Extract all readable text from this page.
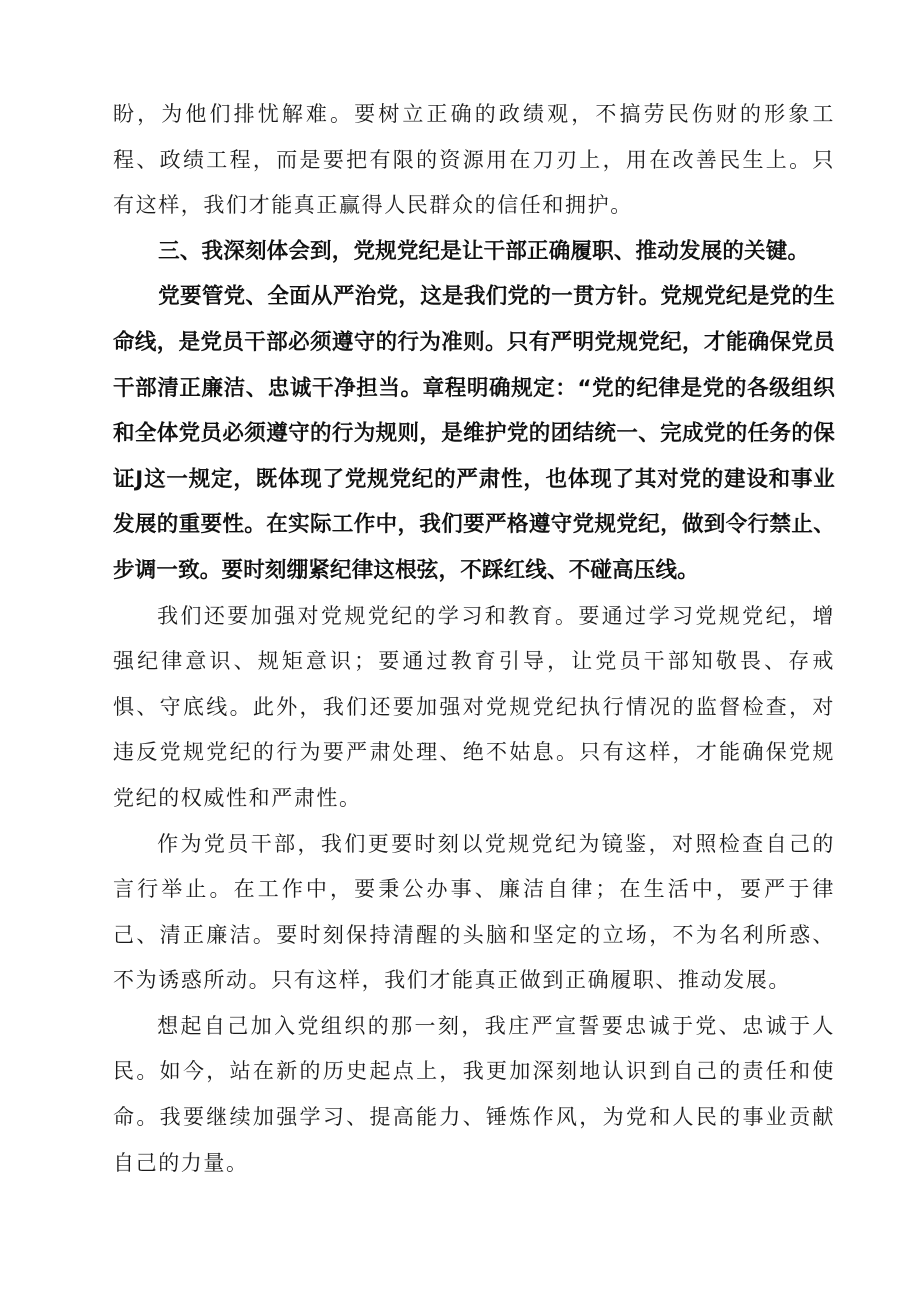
盼，为他们排忧解难。要树立正确的政绩观，不搞劳民伤财的形象工程、政绩工程，而是要把有限的资源用在刀刃上，用在改善民生上。只有这样，我们才能真正赢得人民群众的信任和拥护。

三、我深刻体会到，党规党纪是让干部正确履职、推动发展的关键。

党要管党、全面从严治党，这是我们党的一贯方针。党规党纪是党的生命线，是党员干部必须遵守的行为准则。只有严明党规党纪，才能确保党员干部清正廉洁、忠诚干净担当。章程明确规定：“党的纪律是党的各级组织和全体党员必须遵守的行为规则，是维护党的团结统一、完成党的任务的保证J这一规定，既体现了党规党纪的严肃性，也体现了其对党的建设和事业发展的重要性。在实际工作中，我们要严格遵守党规党纪，做到令行禁止、步调一致。要时刻绷紧纪律这根弦，不踩红线、不碰高压线。

我们还要加强对党规党纪的学习和教育。要通过学习党规党纪，增强纪律意识、规矩意识；要通过教育引导，让党员干部知敬畏、存戒惧、守底线。此外，我们还要加强对党规党纪执行情况的监督检查，对违反党规党纪的行为要严肃处理、绝不姑息。只有这样，才能确保党规党纪的权威性和严肃性。

作为党员干部，我们更要时刻以党规党纪为镜鉴，对照检查自己的言行举止。在工作中，要秉公办事、廉洁自律；在生活中，要严于律己、清正廉洁。要时刻保持清醒的头脑和坚定的立场，不为名利所惑、不为诱惑所动。只有这样，我们才能真正做到正确履职、推动发展。

想起自己加入党组织的那一刻，我庄严宣誓要忠诚于党、忠诚于人民。如今，站在新的历史起点上，我更加深刻地认识到自己的责任和使命。我要继续加强学习、提高能力、锤炼作风，为党和人民的事业贡献自己的力量。
